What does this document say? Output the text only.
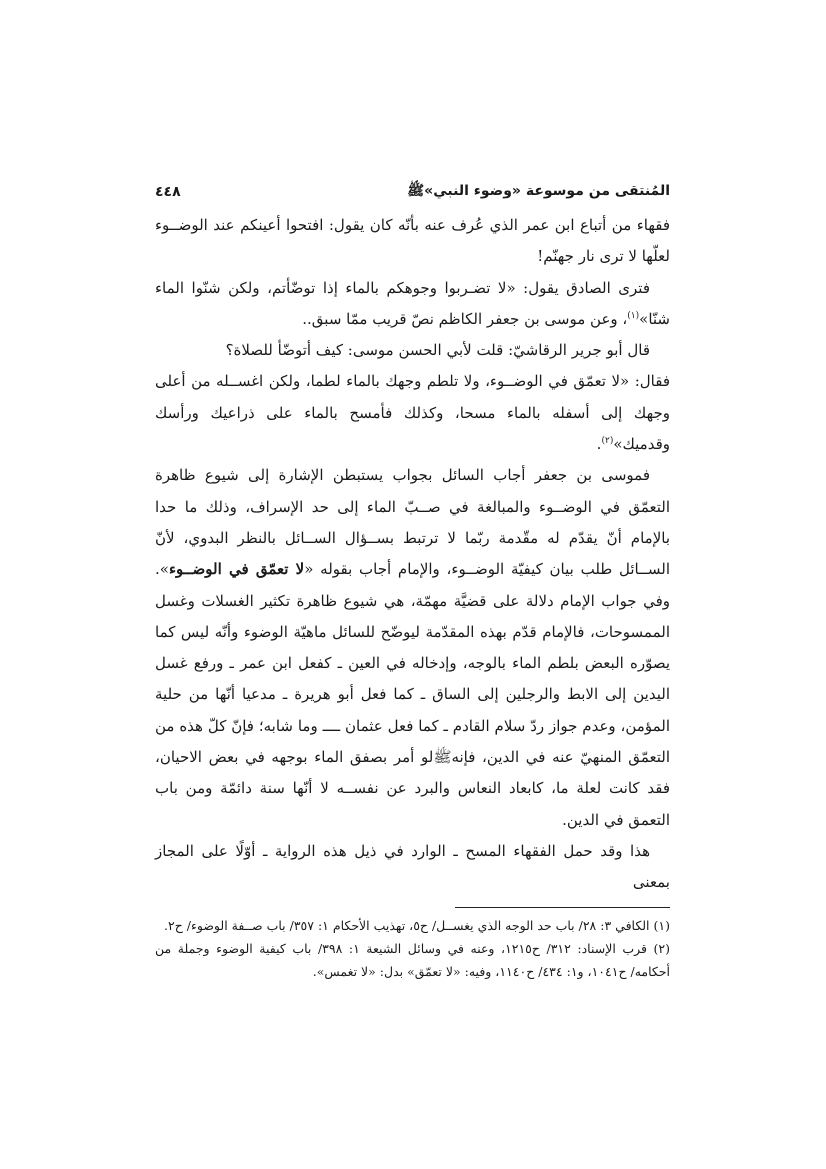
المُنتقى من موسوعة «وضوء النبي»ﷺ
٤٤٨

فقهاء من أتباع ابن عمر الذي عُرف عنه بأنّه كان يقول: افتحوا أعينكم عند الوضــوء لعلّها لا ترى نار جهنّم!

فترى الصادق يقول: «لا تضـربوا وجوهكم بالماء إذا توضّأتم، ولكن شنّوا الماء شنّا»$^{(١)}$، وعن موسى بن جعفر الكاظم نصّ قريب ممّا سبق..

قال أبو جرير الرقاشيّ: قلت لأبي الحسن موسى: كيف أتوضّأ للصلاة؟

فقال: «لا تعمّق في الوضــوء، ولا تلطم وجهك بالماء لطما، ولكن اغســله من أعلى وجهك إلى أسفله بالماء مسحا، وكذلك فأمسح بالماء على ذراعيك ورأسك وقدميك»$^{(٢)}$.

فموسى بن جعفر أجاب السائل بجواب يستبطن الإشارة إلى شيوع ظاهرة التعمّق في الوضــوء والمبالغة في صــبّ الماء إلى حد الإسراف، وذلك ما حدا بالإمام أنّ يقدّم له مقّدمة ربّما لا ترتبط بســؤال الســائل بالنظر البدوي، لأنّ الســائل طلب بيان كيفيّة الوضــوء، والإمام أجاب بقوله «لا تعمّق في الوضــوء». وفي جواب الإمام دلالة على قضيَّة مهمّة، هي شيوع ظاهرة تكثير الغسلات وغسل الممسوحات، فالإمام قدّم بهذه المقدّمة ليوضّح للسائل ماهيّة الوضوء وأنّه ليس كما يصوّره البعض بلطم الماء بالوجه، وإدخاله في العين ـ كفعل ابن عمر ـ ورفع غسل اليدين إلى الابط والرجلين إلى الساق ـ كما فعل أبو هريرة ـ مدعيا أنّها من حلية المؤمن، وعدم جواز ردّ سلام القادم ـ كما فعل عثمان ــــ وما شابه؛ فإنّ كلّ هذه من التعمّق المنهيّ عنه في الدين، فإنهﷺلو أمر بصفق الماء بوجهه في بعض الاحيان، فقد كانت لعلة ما، كابعاد النعاس والبرد عن نفســه لا أنّها سنة دائمّة ومن باب التعمق في الدين.

هذا وقد حمل الفقهاء المسح ـ الوارد في ذيل هذه الرواية ـ أوّلًا على المجاز بمعنى

(١) الكافي ٣: ٢٨/ باب حد الوجه الذي يغســل/ ح٥، تهذيب الأحكام ١: ٣٥٧/ باب صــفة الوضوء/ ح٢.

(٢) قرب الإسناد: ٣١٢/ ح١٢١٥، وعنه في وسائل الشيعة ١: ٣٩٨/ باب كيفية الوضوء وجملة من أحكامه/ ح١٠٤١، و١: ٤٣٤/ ح١١٤٠، وفيه: «لا تعمّق» بدل: «لا تغمس».
